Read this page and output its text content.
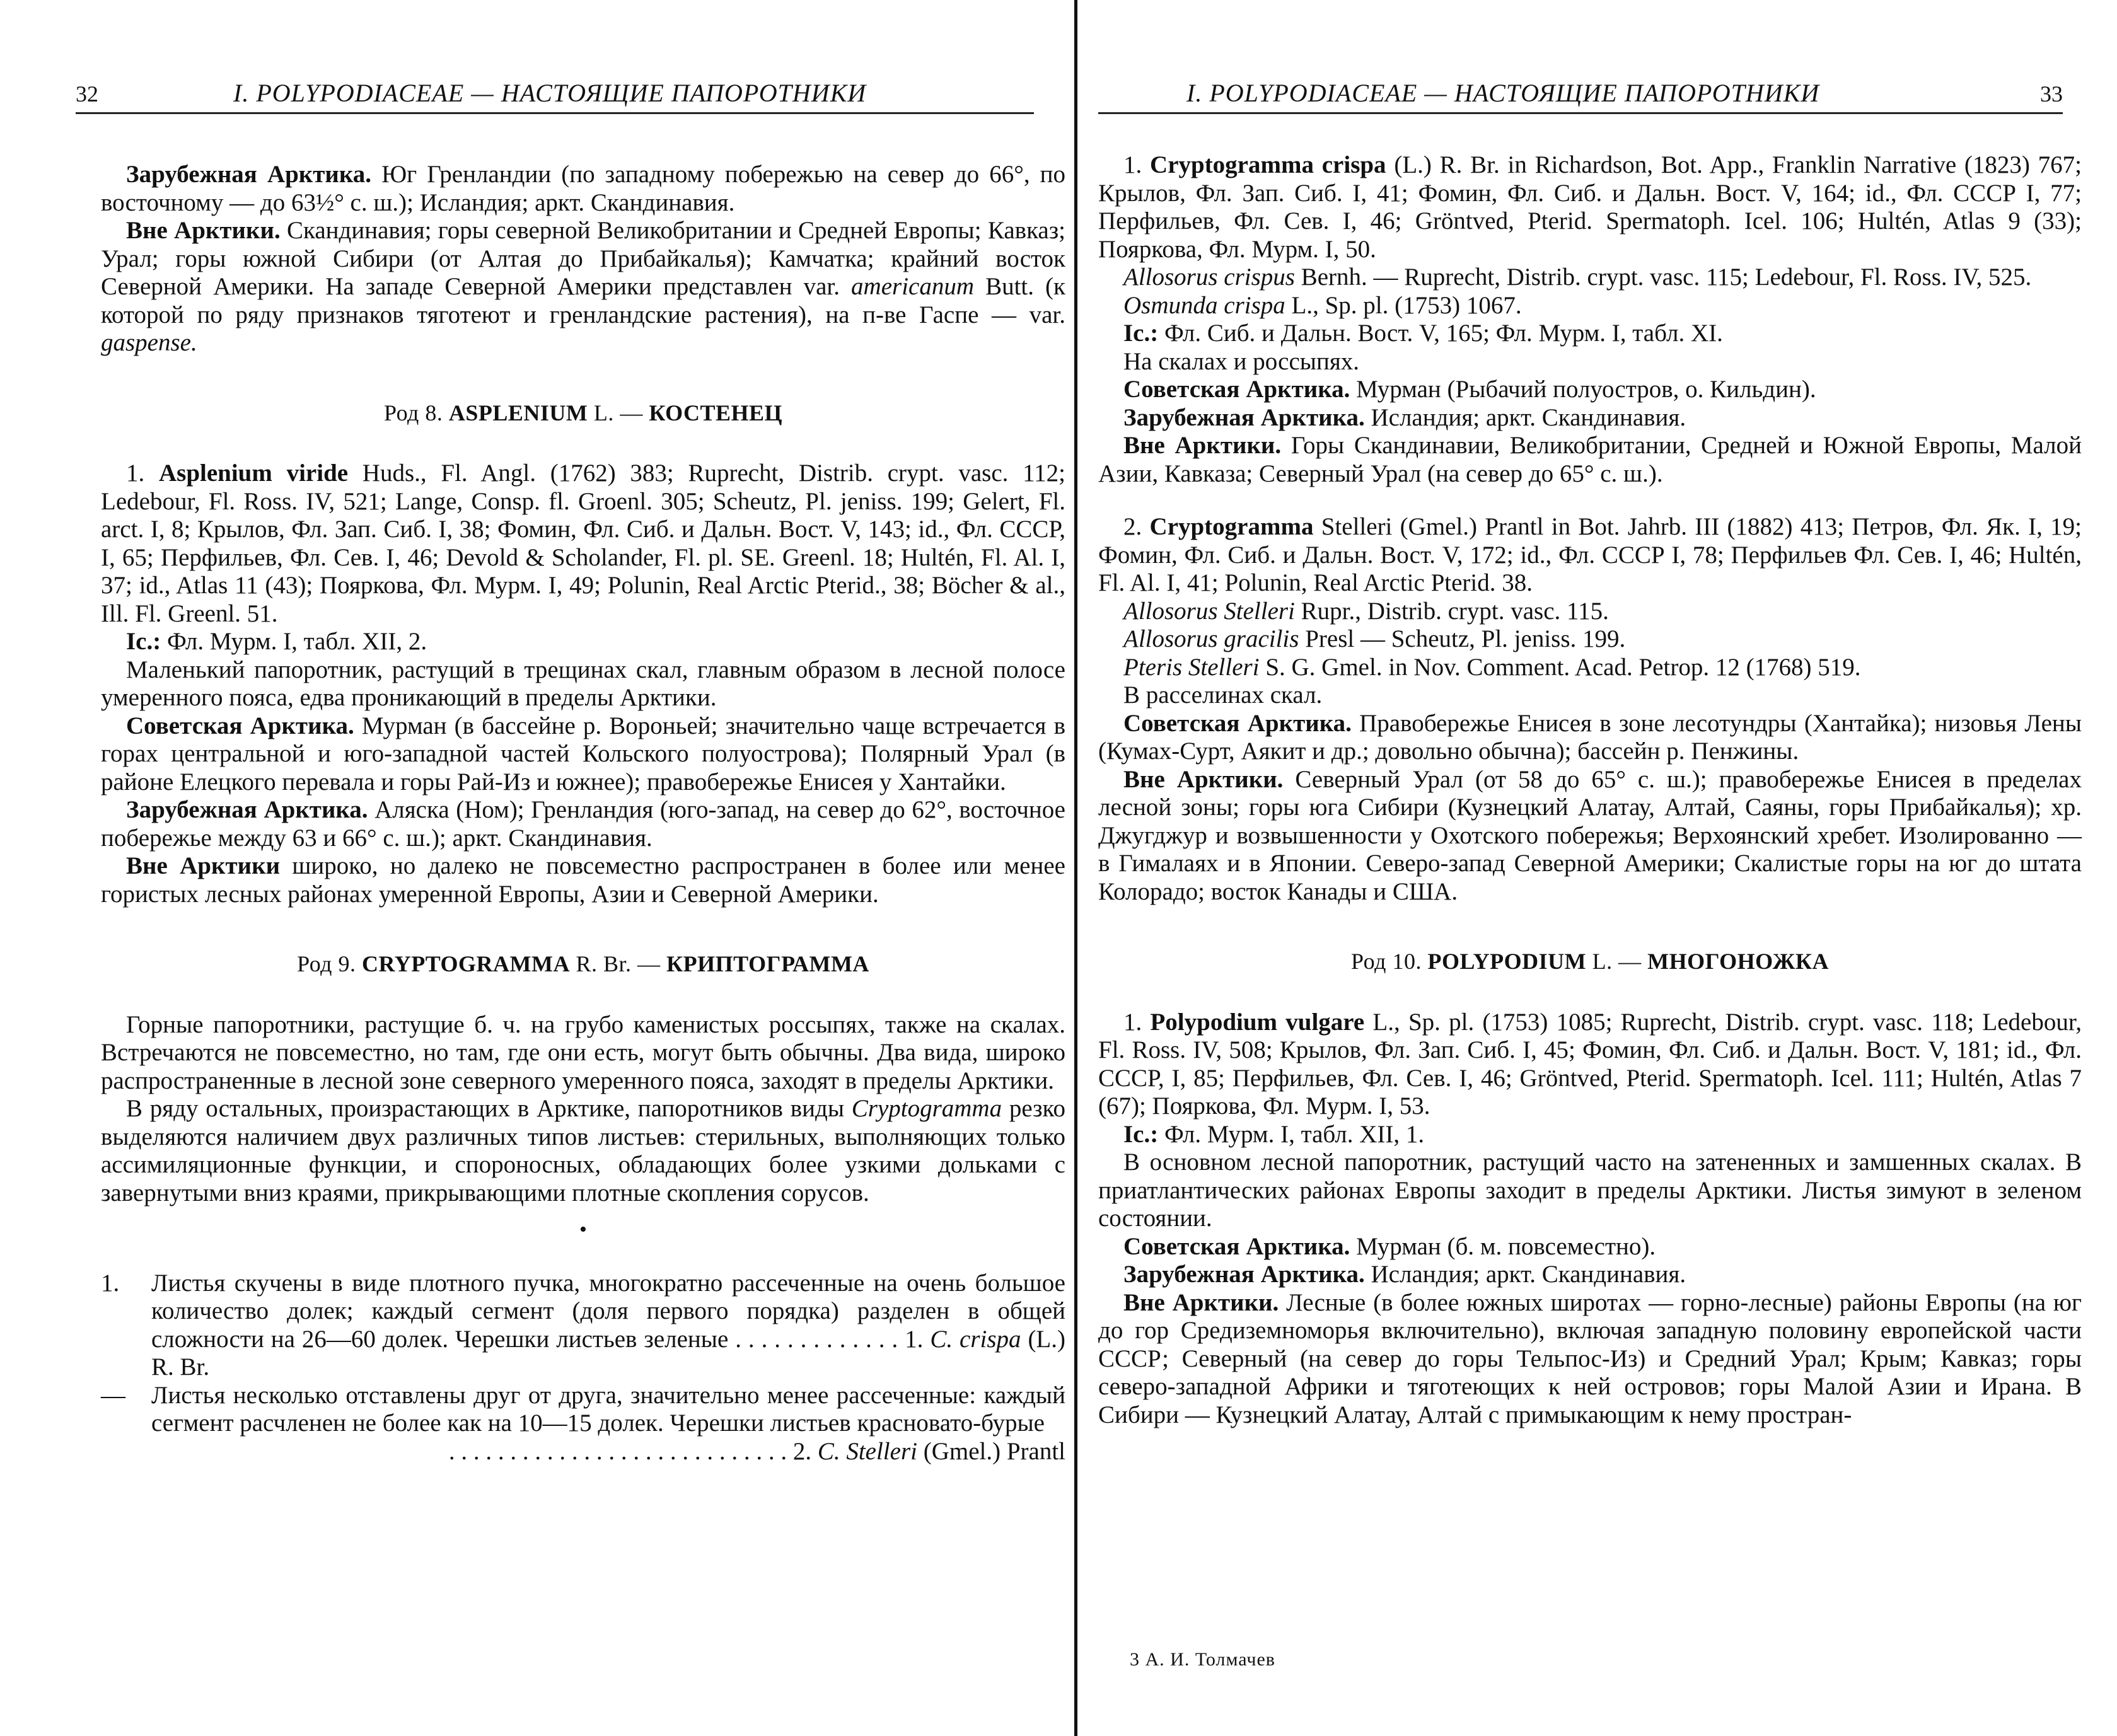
32	I. POLYPODIACEAE — НАСТОЯЩИЕ ПАПОРОТНИКИ

Зарубежная Арктика. Юг Гренландии (по западному побережью на север до 66°, по восточному — до 63½° с. ш.); Исландия; аркт. Скандинавия.

Вне Арктики. Скандинавия; горы северной Великобритании и Средней Европы; Кавказ; Урал; горы южной Сибири (от Алтая до Прибайкалья); Камчатка; крайний восток Северной Америки. На западе Северной Америки представлен var. americanum Butt. (к которой по ряду признаков тяготеют и гренландские растения), на п-ве Гаспе — var. gaspense.

Род 8. ASPLENIUM L. — КОСТЕНЕЦ

1. Asplenium viride Huds., Fl. Angl. (1762) 383; Ruprecht, Distrib. crypt. vasc. 112; Ledebour, Fl. Ross. IV, 521; Lange, Consp. fl. Groenl. 305; Scheutz, Pl. jeniss. 199; Gelert, Fl. arct. I, 8; Крылов, Фл. Зап. Сиб. I, 38; Фомин, Фл. Сиб. и Дальн. Вост. V, 143; id., Фл. СССР, I, 65; Перфильев, Фл. Сев. I, 46; Devold & Scholander, Fl. pl. SE. Greenl. 18; Hultén, Fl. Al. I, 37; id., Atlas 11 (43); Пояркова, Фл. Мурм. I, 49; Polunin, Real Arctic Pterid., 38; Böcher & al., Ill. Fl. Greenl. 51.

Ic.: Фл. Мурм. I, табл. XII, 2.

Маленький папоротник, растущий в трещинах скал, главным образом в лесной полосе умеренного пояса, едва проникающий в пределы Арктики.

Советская Арктика. Мурман (в бассейне р. Вороньей; значительно чаще встречается в горах центральной и юго-западной частей Кольского полуострова); Полярный Урал (в районе Елецкого перевала и горы Рай-Из и южнее); правобережье Енисея у Хантайки.

Зарубежная Арктика. Аляска (Ном); Гренландия (юго-запад, на север до 62°, восточное побережье между 63 и 66° с. ш.); аркт. Скандинавия.

Вне Арктики широко, но далеко не повсеместно распространен в более или менее гористых лесных районах умеренной Европы, Азии и Северной Америки.

Род 9. CRYPTOGRAMMA R. Br. — КРИПТОГРАММА

Горные папоротники, растущие б. ч. на грубо каменистых россыпях, также на скалах. Встречаются не повсеместно, но там, где они есть, могут быть обычны. Два вида, широко распространенные в лесной зоне северного умеренного пояса, заходят в пределы Арктики.

В ряду остальных, произрастающих в Арктике, папоротников виды Cryptogramma резко выделяются наличием двух различных типов листьев: стерильных, выполняющих только ассимиляционные функции, и спороносных, обладающих более узкими дольками с завернутыми вниз краями, прикрывающими плотные скопления сорусов.

•

1. Листья скучены в виде плотного пучка, многократно рассеченные на очень большое количество долек; каждый сегмент (доля первого порядка) разделен в общей сложности на 26—60 долек. Черешки листьев зеленые . . . . . . . . . . . . . 1. C. crispa (L.) R. Br.
— Листья несколько отставлены друг от друга, значительно менее рассеченные: каждый сегмент расчленен не более как на 10—15 долек. Черешки листьев красновато-бурые
. . . . . . . . . . . . . . . . . . . . . . . . . . . . 2. C. Stelleri (Gmel.) Prantl
I. POLYPODIACEAE — НАСТОЯЩИЕ ПАПОРОТНИКИ	33

1. Cryptogramma crispa (L.) R. Br. in Richardson, Bot. App., Franklin Narrative (1823) 767; Крылов, Фл. Зап. Сиб. I, 41; Фомин, Фл. Сиб. и Дальн. Вост. V, 164; id., Фл. СССР I, 77; Перфильев, Фл. Сев. I, 46; Gröntved, Pterid. Spermatoph. Icel. 106; Hultén, Atlas 9 (33); Пояркова, Фл. Мурм. I, 50.

Allosorus crispus Bernh. — Ruprecht, Distrib. crypt. vasc. 115; Ledebour, Fl. Ross. IV, 525.

Osmunda crispa L., Sp. pl. (1753) 1067.

Ic.: Фл. Сиб. и Дальн. Вост. V, 165; Фл. Мурм. I, табл. XI.

На скалах и россыпях.

Советская Арктика. Мурман (Рыбачий полуостров, о. Кильдин).

Зарубежная Арктика. Исландия; аркт. Скандинавия.

Вне Арктики. Горы Скандинавии, Великобритании, Средней и Южной Европы, Малой Азии, Кавказа; Северный Урал (на север до 65° с. ш.).

2. Cryptogramma Stelleri (Gmel.) Prantl in Bot. Jahrb. III (1882) 413; Петров, Фл. Як. I, 19; Фомин, Фл. Сиб. и Дальн. Вост. V, 172; id., Фл. СССР I, 78; Перфильев Фл. Сев. I, 46; Hultén, Fl. Al. I, 41; Polunin, Real Arctic Pterid. 38.

Allosorus Stelleri Rupr., Distrib. crypt. vasc. 115.

Allosorus gracilis Presl — Scheutz, Pl. jeniss. 199.

Pteris Stelleri S. G. Gmel. in Nov. Comment. Acad. Petrop. 12 (1768) 519.

В расселинах скал.

Советская Арктика. Правобережье Енисея в зоне лесотундры (Хантайка); низовья Лены (Кумах-Сурт, Аякит и др.; довольно обычна); бассейн р. Пенжины.

Вне Арктики. Северный Урал (от 58 до 65° с. ш.); правобережье Енисея в пределах лесной зоны; горы юга Сибири (Кузнецкий Алатау, Алтай, Саяны, горы Прибайкалья); хр. Джугджур и возвышенности у Охотского побережья; Верхоянский хребет. Изолированно — в Гималаях и в Японии. Северо-запад Северной Америки; Скалистые горы на юг до штата Колорадо; восток Канады и США.

Род 10. POLYPODIUM L. — МНОГОНОЖКА

1. Polypodium vulgare L., Sp. pl. (1753) 1085; Ruprecht, Distrib. crypt. vasc. 118; Ledebour, Fl. Ross. IV, 508; Крылов, Фл. Зап. Сиб. I, 45; Фомин, Фл. Сиб. и Дальн. Вост. V, 181; id., Фл. СССР, I, 85; Перфильев, Фл. Сев. I, 46; Gröntved, Pterid. Spermatoph. Icel. 111; Hultén, Atlas 7 (67); Пояркова, Фл. Мурм. I, 53.

Ic.: Фл. Мурм. I, табл. XII, 1.

В основном лесной папоротник, растущий часто на затененных и замшенных скалах. В приатлантических районах Европы заходит в пределы Арктики. Листья зимуют в зеленом состоянии.

Советская Арктика. Мурман (б. м. повсеместно).

Зарубежная Арктика. Исландия; аркт. Скандинавия.

Вне Арктики. Лесные (в более южных широтах — горно-лесные) районы Европы (на юг до гор Средиземноморья включительно), включая западную половину европейской части СССР; Северный (на север до горы Тельпос-Из) и Средний Урал; Крым; Кавказ; горы северо-западной Африки и тяготеющих к ней островов; горы Малой Азии и Ирана. В Сибири — Кузнецкий Алатау, Алтай с примыкающим к нему простран-

3 А. И. Толмачев
